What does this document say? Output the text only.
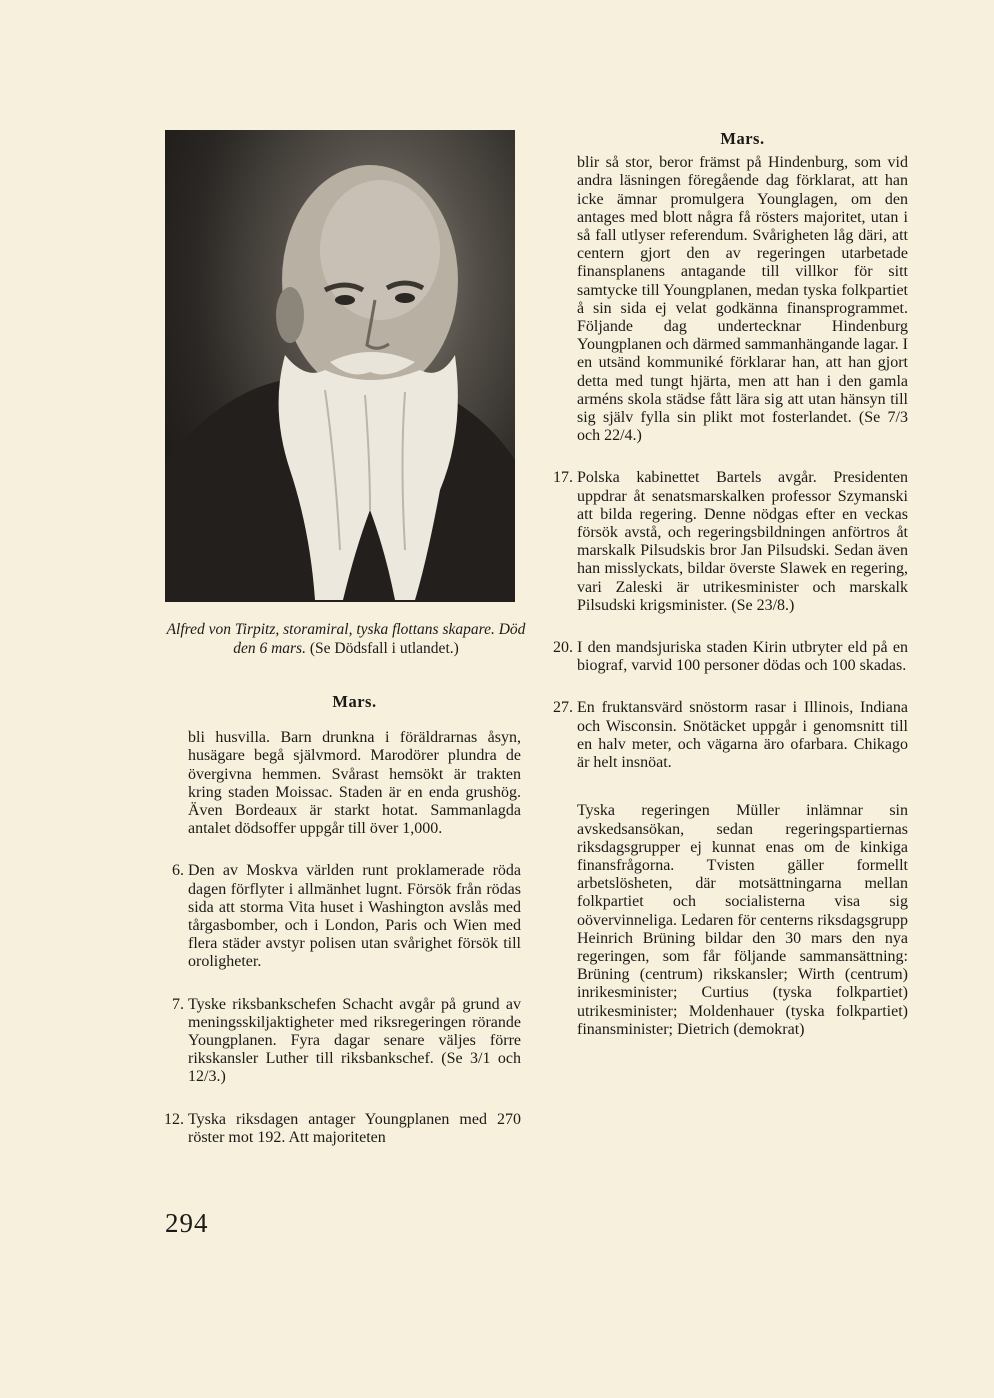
Alfred von Tirpitz, storamiral, tyska flottans skapare. Död den 6 mars. (Se Dödsfall i utlandet.)
Mars.

bli husvilla. Barn drunkna i föräldrarnas åsyn, husägare begå självmord. Marodörer plundra de övergivna hemmen. Svårast hemsökt är trakten kring staden Moissac. Staden är en enda grushög. Även Bordeaux är starkt hotat. Sammanlagda antalet dödsoffer uppgår till över 1,000.

6. Den av Moskva världen runt proklamerade röda dagen förflyter i allmänhet lugnt. Försök från rödas sida att storma Vita huset i Washington avslås med tårgasbomber, och i London, Paris och Wien med flera städer avstyr polisen utan svårighet försök till oroligheter.

7. Tyske riksbankschefen Schacht avgår på grund av meningsskiljaktigheter med riksregeringen rörande Youngplanen. Fyra dagar senare väljes förre rikskansler Luther till riksbankschef. (Se 3/1 och 12/3.)

12. Tyska riksdagen antager Youngplanen med 270 röster mot 192. Att majoriteten

Mars.

blir så stor, beror främst på Hindenburg, som vid andra läsningen föregående dag förklarat, att han icke ämnar promulgera Younglagen, om den antages med blott några få rösters majoritet, utan i så fall utlyser referendum. Svårigheten låg däri, att centern gjort den av regeringen utarbetade finansplanens antagande till villkor för sitt samtycke till Youngplanen, medan tyska folkpartiet å sin sida ej velat godkänna finansprogrammet. Följande dag undertecknar Hindenburg Youngplanen och därmed sammanhängande lagar. I en utsänd kommuniké förklarar han, att han gjort detta med tungt hjärta, men att han i den gamla arméns skola städse fått lära sig att utan hänsyn till sig själv fylla sin plikt mot fosterlandet. (Se 7/3 och 22/4.)

17. Polska kabinettet Bartels avgår. Presidenten uppdrar åt senatsmarskalken professor Szymanski att bilda regering. Denne nödgas efter en veckas försök avstå, och regeringsbildningen anförtros åt marskalk Pilsudskis bror Jan Pilsudski. Sedan även han misslyckats, bildar överste Slawek en regering, vari Zaleski är utrikesminister och marskalk Pilsudski krigsminister. (Se 23/8.)

20. I den mandsjuriska staden Kirin utbryter eld på en biograf, varvid 100 personer dödas och 100 skadas.

27. En fruktansvärd snöstorm rasar i Illinois, Indiana och Wisconsin. Snötäcket uppgår i genomsnitt till en halv meter, och vägarna äro ofarbara. Chikago är helt insnöat.

Tyska regeringen Müller inlämnar sin avskedsansökan, sedan regeringspartiernas riksdagsgrupper ej kunnat enas om de kinkiga finansfrågorna. Tvisten gäller formellt arbetslösheten, där motsättningarna mellan folkpartiet och socialisterna visa sig oövervinneliga. Ledaren för centerns riksdagsgrupp Heinrich Brüning bildar den 30 mars den nya regeringen, som får följande sammansättning: Brüning (centrum) rikskansler; Wirth (centrum) inrikesminister; Curtius (tyska folkpartiet) utrikesminister; Moldenhauer (tyska folkpartiet) finansminister; Dietrich (demokrat)

294
